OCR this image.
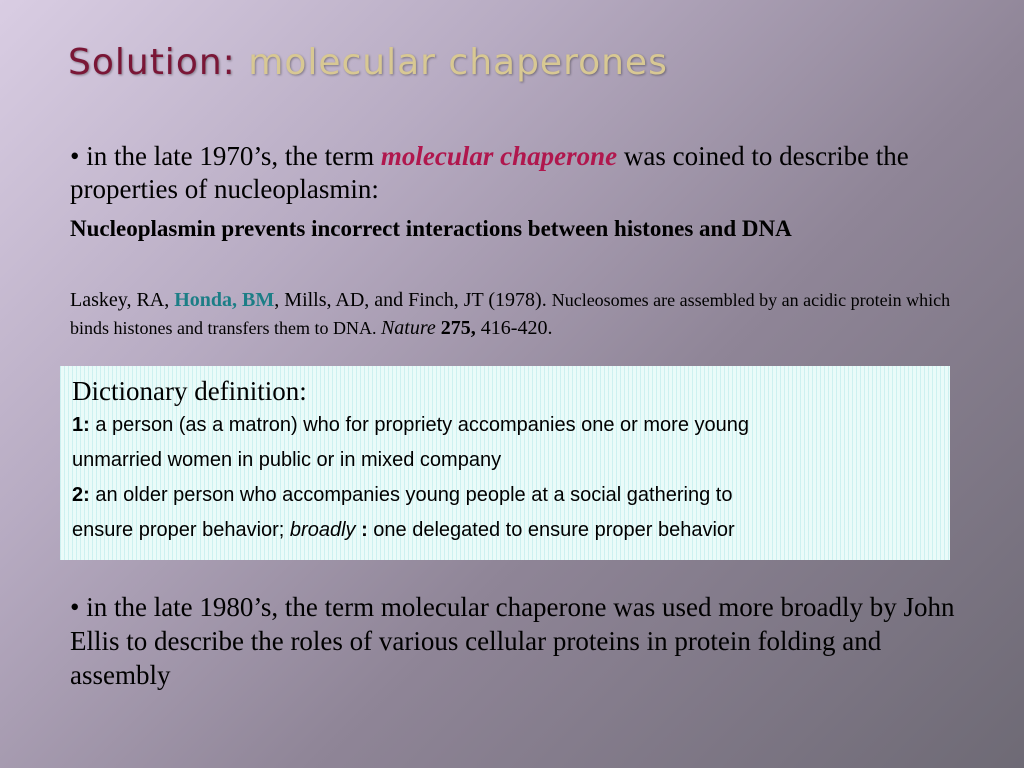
Solution: molecular chaperones
• in the late 1970’s, the term molecular chaperone was coined to describe the properties of nucleoplasmin:
Nucleoplasmin prevents incorrect interactions between histones and DNA
Laskey, RA, Honda, BM, Mills, AD, and Finch, JT (1978). Nucleosomes are assembled by an acidic protein which binds histones and transfers them to DNA. Nature 275, 416-420.
Dictionary definition:
1: a person (as a matron) who for propriety accompanies one or more young
unmarried women in public or in mixed company
2: an older person who accompanies young people at a social gathering to
ensure proper behavior; broadly : one delegated to ensure proper behavior
• in the late 1980’s, the term molecular chaperone was used more broadly by John Ellis to describe the roles of various cellular proteins in protein folding and assembly
